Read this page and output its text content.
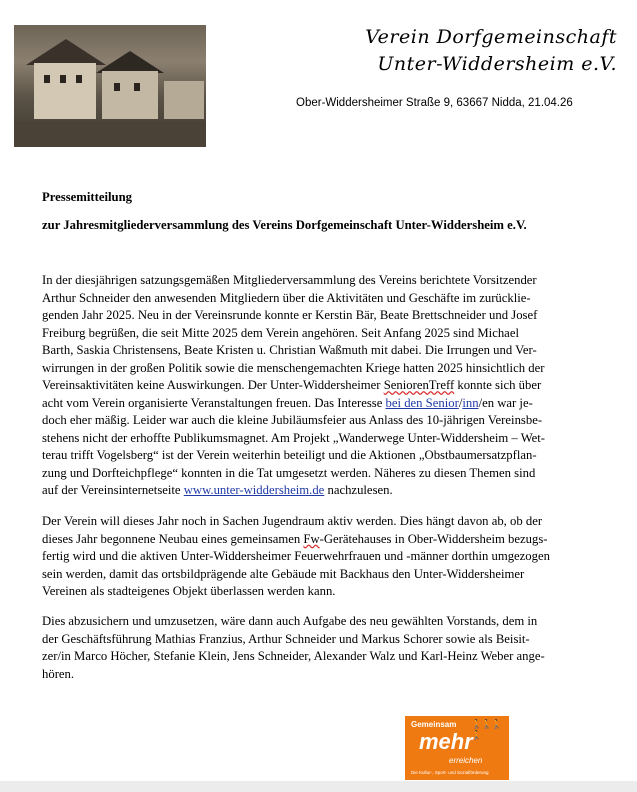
Verein Dorfgemeinschaft
Unter-Widdersheim e.V.
Ober-Widdersheimer Straße 9, 63667 Nidda, 21.04.26
Pressemitteilung
zur Jahresmitgliederversammlung des Vereins Dorfgemeinschaft Unter-Widdersheim e.V.
In der diesjährigen satzungsgemäßen Mitgliederversammlung des Vereins berichtete Vorsitzender
Arthur Schneider den anwesenden Mitgliedern über die Aktivitäten und Geschäfte im zurücklie-
genden Jahr 2025. Neu in der Vereinsrunde konnte er Kerstin Bär, Beate Brettschneider und Josef
Freiburg begrüßen, die seit Mitte 2025 dem Verein angehören. Seit Anfang 2025 sind Michael
Barth, Saskia Christensens, Beate Kristen u. Christian Waßmuth mit dabei. Die Irrungen und Ver-
wirrungen in der großen Politik sowie die menschengemachten Kriege hatten 2025 hinsichtlich der
Vereinsaktivitäten keine Auswirkungen. Der Unter-Widdersheimer SeniorenTreff konnte sich über
acht vom Verein organisierte Veranstaltungen freuen. Das Interesse bei den Senior/inn/en war je-
doch eher mäßig. Leider war auch die kleine Jubiläumsfeier aus Anlass des 10-jährigen Vereinsbe-
stehens nicht der erhoffte Publikumsmagnet. Am Projekt „Wanderwege Unter-Widdersheim – Wet-
terau trifft Vogelsberg“ ist der Verein weiterhin beteiligt und die Aktionen „Obstbaumersatzpflan-
zung und Dorfteichpflege“ konnten in die Tat umgesetzt werden. Näheres zu diesen Themen sind
auf der Vereinsinternetseite www.unter-widdersheim.de nachzulesen.
Der Verein will dieses Jahr noch in Sachen Jugendraum aktiv werden. Dies hängt davon ab, ob der
dieses Jahr begonnene Neubau eines gemeinsamen Fw-Gerätehauses in Ober-Widdersheim bezugs-
fertig wird und die aktiven Unter-Widdersheimer Feuerwehrfrauen und -männer dorthin umgezogen
sein werden, damit das ortsbildprägende alte Gebäude mit Backhaus den Unter-Widdersheimer
Vereinen als stadteigenes Objekt überlassen werden kann.
Dies abzusichern und umzusetzen, wäre dann auch Aufgabe des neu gewählten Vorstands, dem in
der Geschäftsführung Mathias Franzius, Arthur Schneider und Markus Schorer sowie als Beisit-
zer/in Marco Höcher, Stefanie Klein, Jens Schneider, Alexander Walz und Karl-Heinz Weber ange-
hören.
Gemeinsam 🚶🚶🚶🚶
mehr
erreichen
Die Kultur-, Sport- und Sozialförderung
